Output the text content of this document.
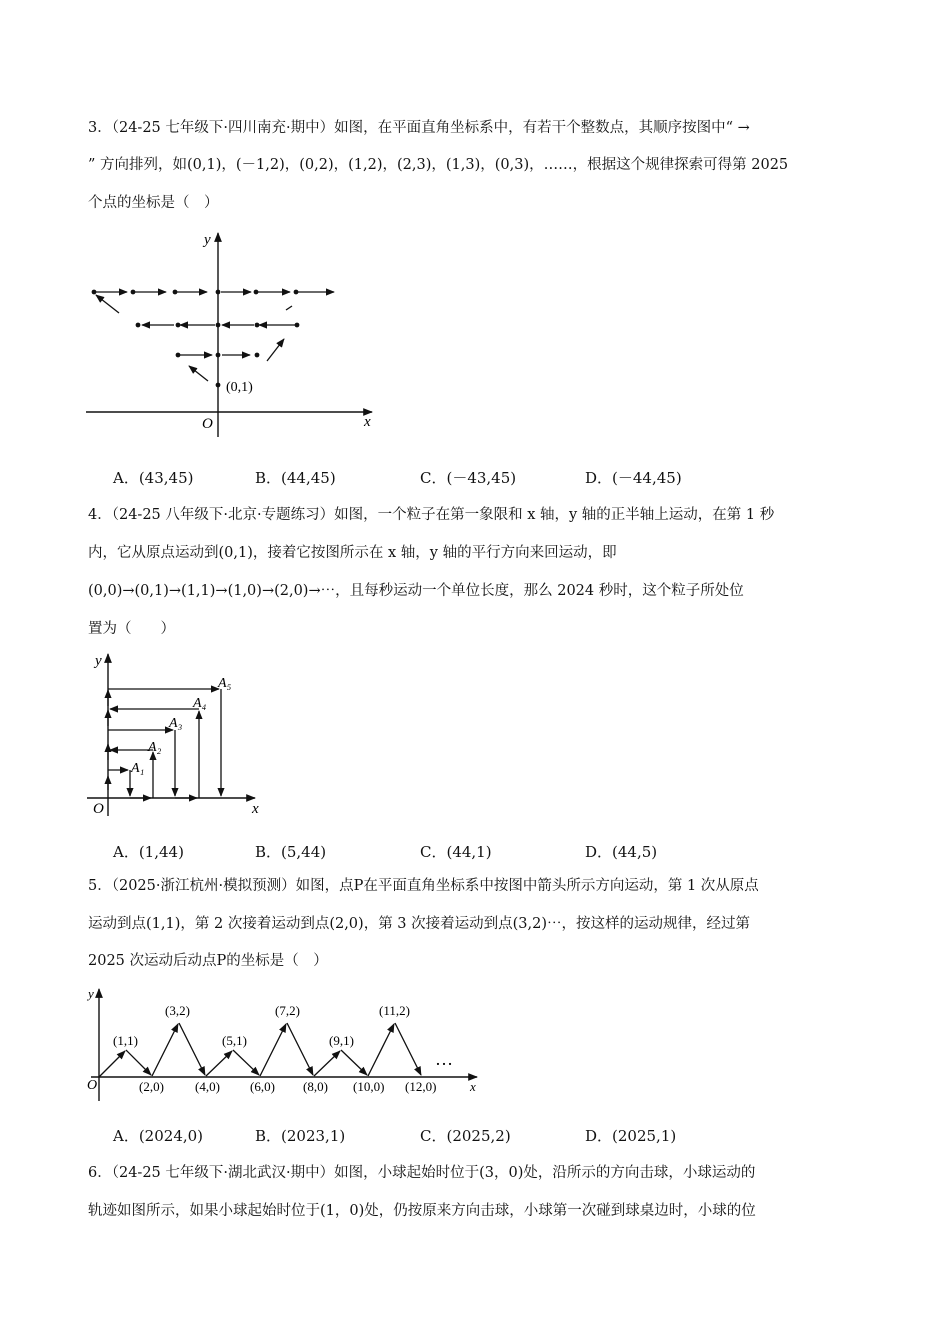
3．（24-25 七年级下·四川南充·期中）如图，在平面直角坐标系中，有若干个整数点，其顺序按图中“ →
” 方向排列，如(0,1)，(－1,2)，(0,2)，(1,2)，(2,3)，(1,3)，(0,3)，……，根据这个规律探索可得第 2025
个点的坐标是（　）
y
x
O
(0,1)
A．(43,45)	B．(44,45)	C．(－43,45)	D．(－44,45)
4．（24-25 八年级下·北京·专题练习）如图，一个粒子在第一象限和 x 轴，y 轴的正半轴上运动，在第 1 秒
内，它从原点运动到(0,1)，接着它按图所示在 x 轴，y 轴的平行方向来回运动，即
(0,0)→(0,1)→(1,1)→(1,0)→(2,0)→⋯，且每秒运动一个单位长度，那么 2024 秒时，这个粒子所处位
置为（　　）
y
x
O
A₁
A₂
A₃
A₄
A₅
A．(1,44)	B．(5,44)	C．(44,1)	D．(44,5)
5．（2025·浙江杭州·模拟预测）如图，点P在平面直角坐标系中按图中箭头所示方向运动，第 1 次从原点
运动到点(1,1)，第 2 次接着运动到点(2,0)，第 3 次接着运动到点(3,2)⋯，按这样的运动规律，经过第
2025 次运动后动点P的坐标是（　）
y
x
O
(1,1)
(3,2)
(5,1)
(7,2)
(9,1)
(11,2)
(2,0) (4,0) (6,0) (8,0) (10,0) (12,0)
…
A．(2024,0)	B．(2023,1)	C．(2025,2)	D．(2025,1)
6．（24-25 七年级下·湖北武汉·期中）如图，小球起始时位于(3，0)处，沿所示的方向击球，小球运动的
轨迹如图所示，如果小球起始时位于(1，0)处，仍按原来方向击球，小球第一次碰到球桌边时，小球的位
